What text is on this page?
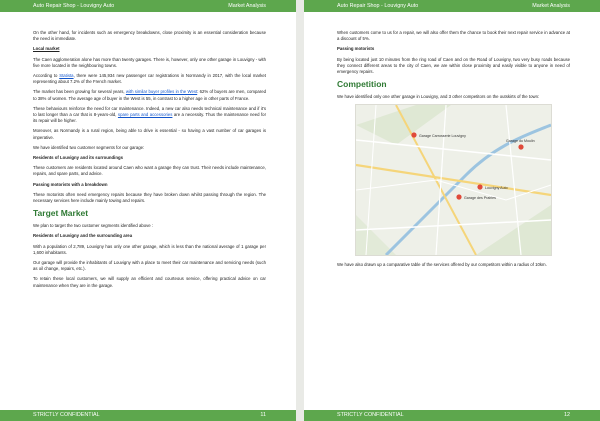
Auto Repair Shop - Louvigny Auto	Market Analysis

On the other hand, for incidents such as emergency breakdowns, close proximity is an essential consideration because the need is immediate.

Local market

The Caen agglomeration alone has more than twenty garages. There is, however, only one other garage in Louvigny - with five more located in the neighbouring towns.

According to Statista, there were 145,934 new passenger car registrations in Normandy in 2017, with the local market representing about 7.2% of the French market.

The market has been growing for several years, with similar buyer profiles in the West: 62% of buyers are men, compared to 38% of women. The average age of buyer in the West is 55, in contrast to a higher age in other parts of France.

These behaviours reinforce the need for car maintenance. Indeed, a new car also needs technical maintenance and if it's to last longer than a car that is 8-years-old, spare parts and accessories are a necessity. Thus the maintenance need for its repair will be higher.

Moreover, as Normandy is a rural region, being able to drive is essential - so having a vast number of car garages is imperative.

We have identified two customer segments for our garage:

Residents of Louvigny and its surroundings

These customers are residents located around Caen who want a garage they can trust. Their needs include maintenance, repairs, and spare parts, and advice.

Passing motorists with a breakdown

These motorists often need emergency repairs because they have broken down whilst passing through the region. The necessary services here include mainly towing and repairs.

Target Market

We plan to target the two customer segments identified above :

Residents of Louvigny and the surrounding area

With a population of 2,789, Louvigny has only one other garage, which is less than the national average of 1 garage per 1,600 inhabitants.

Our garage will provide the inhabitants of Louvigny with a place to meet their car maintenance and servicing needs (such as oil change, repairs, etc.).

To retain these local customers, we will supply an efficient and courteous service, offering practical advice on car maintenance when they are in the garage.

STRICTLY CONFIDENTIAL	11
Auto Repair Shop - Louvigny Auto	Market Analysis

When customers come to us for a repair, we will also offer them the chance to book their next repair service in advance at a discount of 5%.

Passing motorists

By being located just 10 minutes from the ring road of Caen and on the Road of Louvigny, two very busy roads because they connect different areas to the city of Caen, we are within close proximity and easily visible to anyone in need of emergency repairs.

Competition

We have identified only one other garage in Louvigny, and 3 other competitors on the outskirts of the town:

Garage Carrosserie Louvigny
Louvigny Auto
Garage du Moulin
Garage des Prairies

We have also drawn up a comparative table of the services offered by our competitors within a radius of 10km.

STRICTLY CONFIDENTIAL	12
